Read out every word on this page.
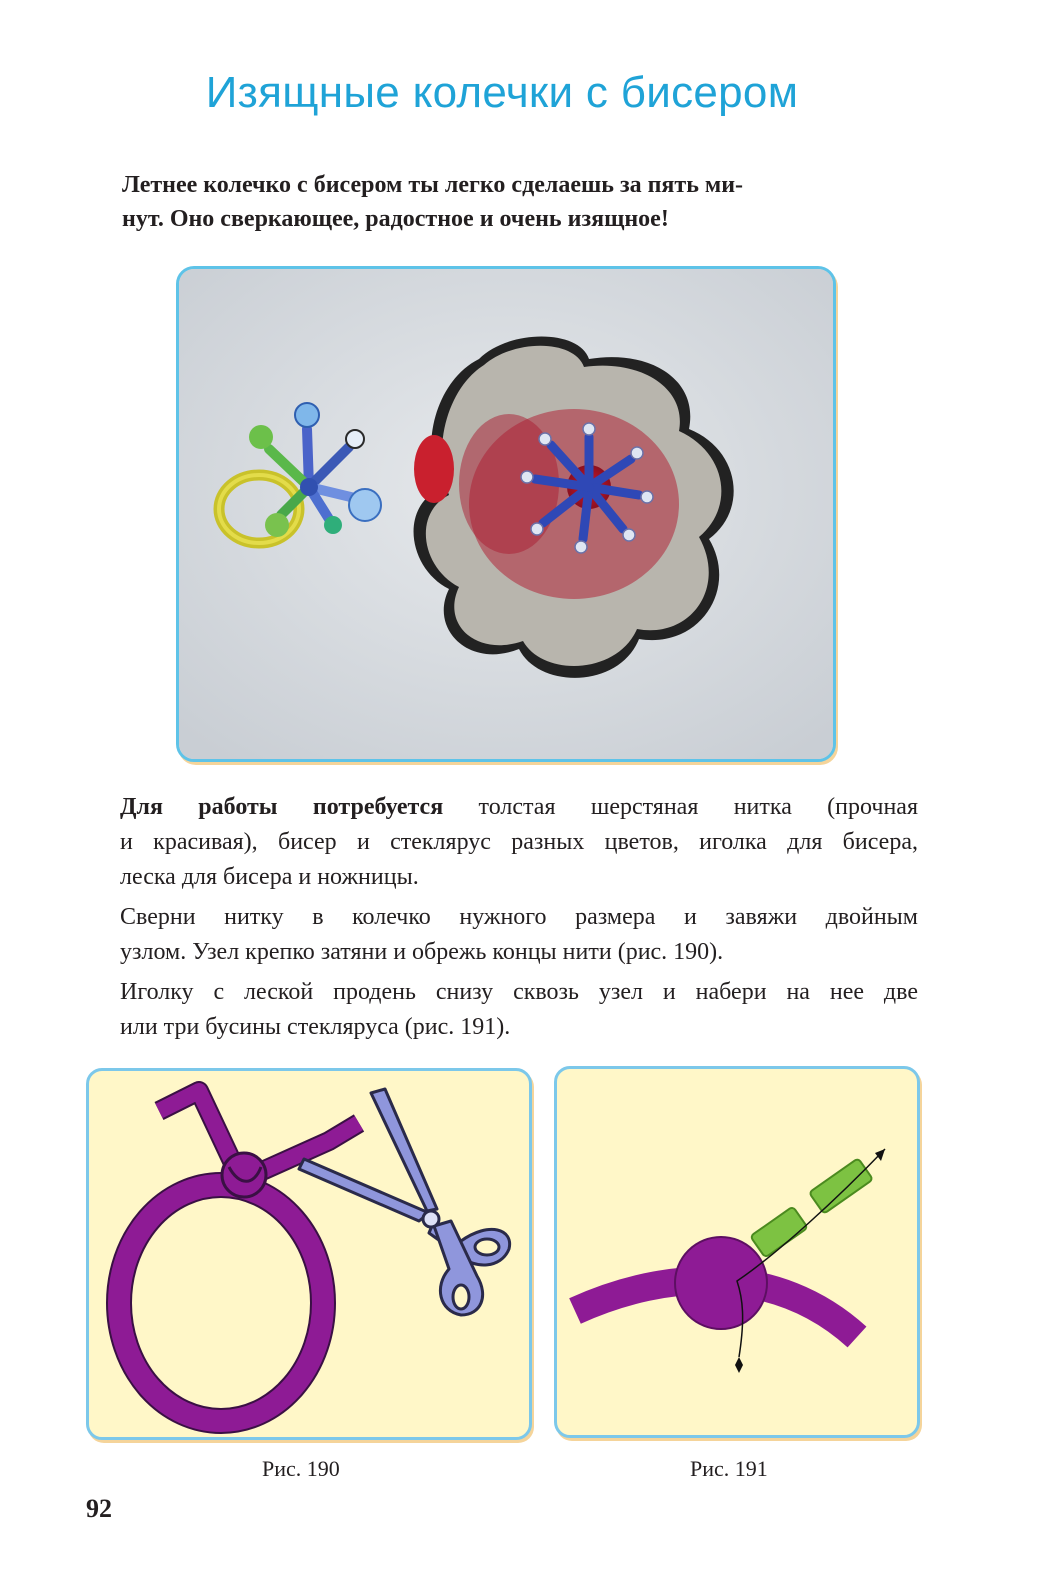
Изящные колечки с бисером
Летнее колечко с бисером ты легко сделаешь за пять ми-
нут. Оно сверкающее, радостное и очень изящное!

Для работы потребуется толстая шерстяная нитка (прочная
и красивая), бисер и стеклярус разных цветов, иголка для бисера,
леска для бисера и ножницы.

Сверни нитку в колечко нужного размера и завяжи двойным
узлом. Узел крепко затяни и обрежь концы нити (рис. 190).

Иголку с леской продень снизу сквозь узел и набери на нее две
или три бусины стекляруса (рис. 191).

Рис. 190	Рис. 191
92
